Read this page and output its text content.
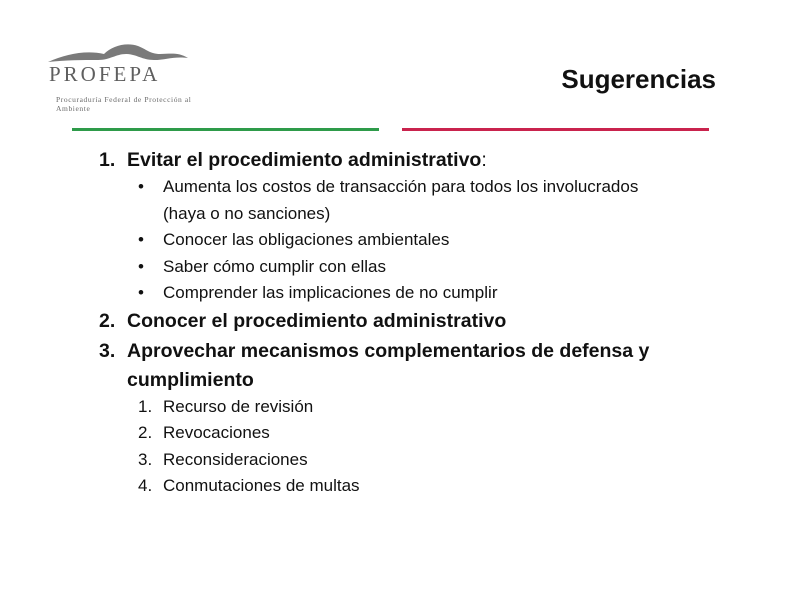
PROFEPA
Procuraduría Federal de Protección al Ambiente
Sugerencias
1. Evitar el procedimiento administrativo:
• Aumenta los costos de transacción para todos los involucrados
(haya o no sanciones)
• Conocer las obligaciones ambientales
• Saber cómo cumplir con ellas
• Comprender las implicaciones de no cumplir
2. Conocer el procedimiento administrativo
3. Aprovechar mecanismos complementarios de defensa y
cumplimiento
1. Recurso de revisión
2. Revocaciones
3. Reconsideraciones
4. Conmutaciones de multas
